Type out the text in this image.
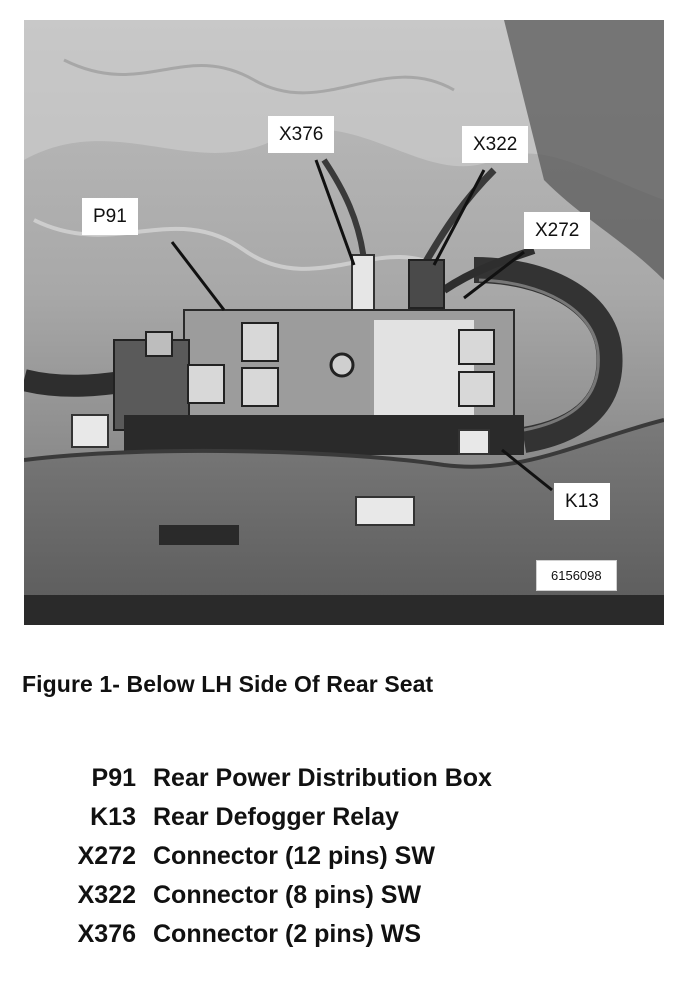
P91
X376	X322
X272
K13
6156098
Figure 1- Below LH Side Of Rear Seat
P91 Rear Power Distribution Box
K13 Rear Defogger Relay
X272 Connector (12 pins) SW
X322 Connector (8 pins) SW
X376 Connector (2 pins) WS
